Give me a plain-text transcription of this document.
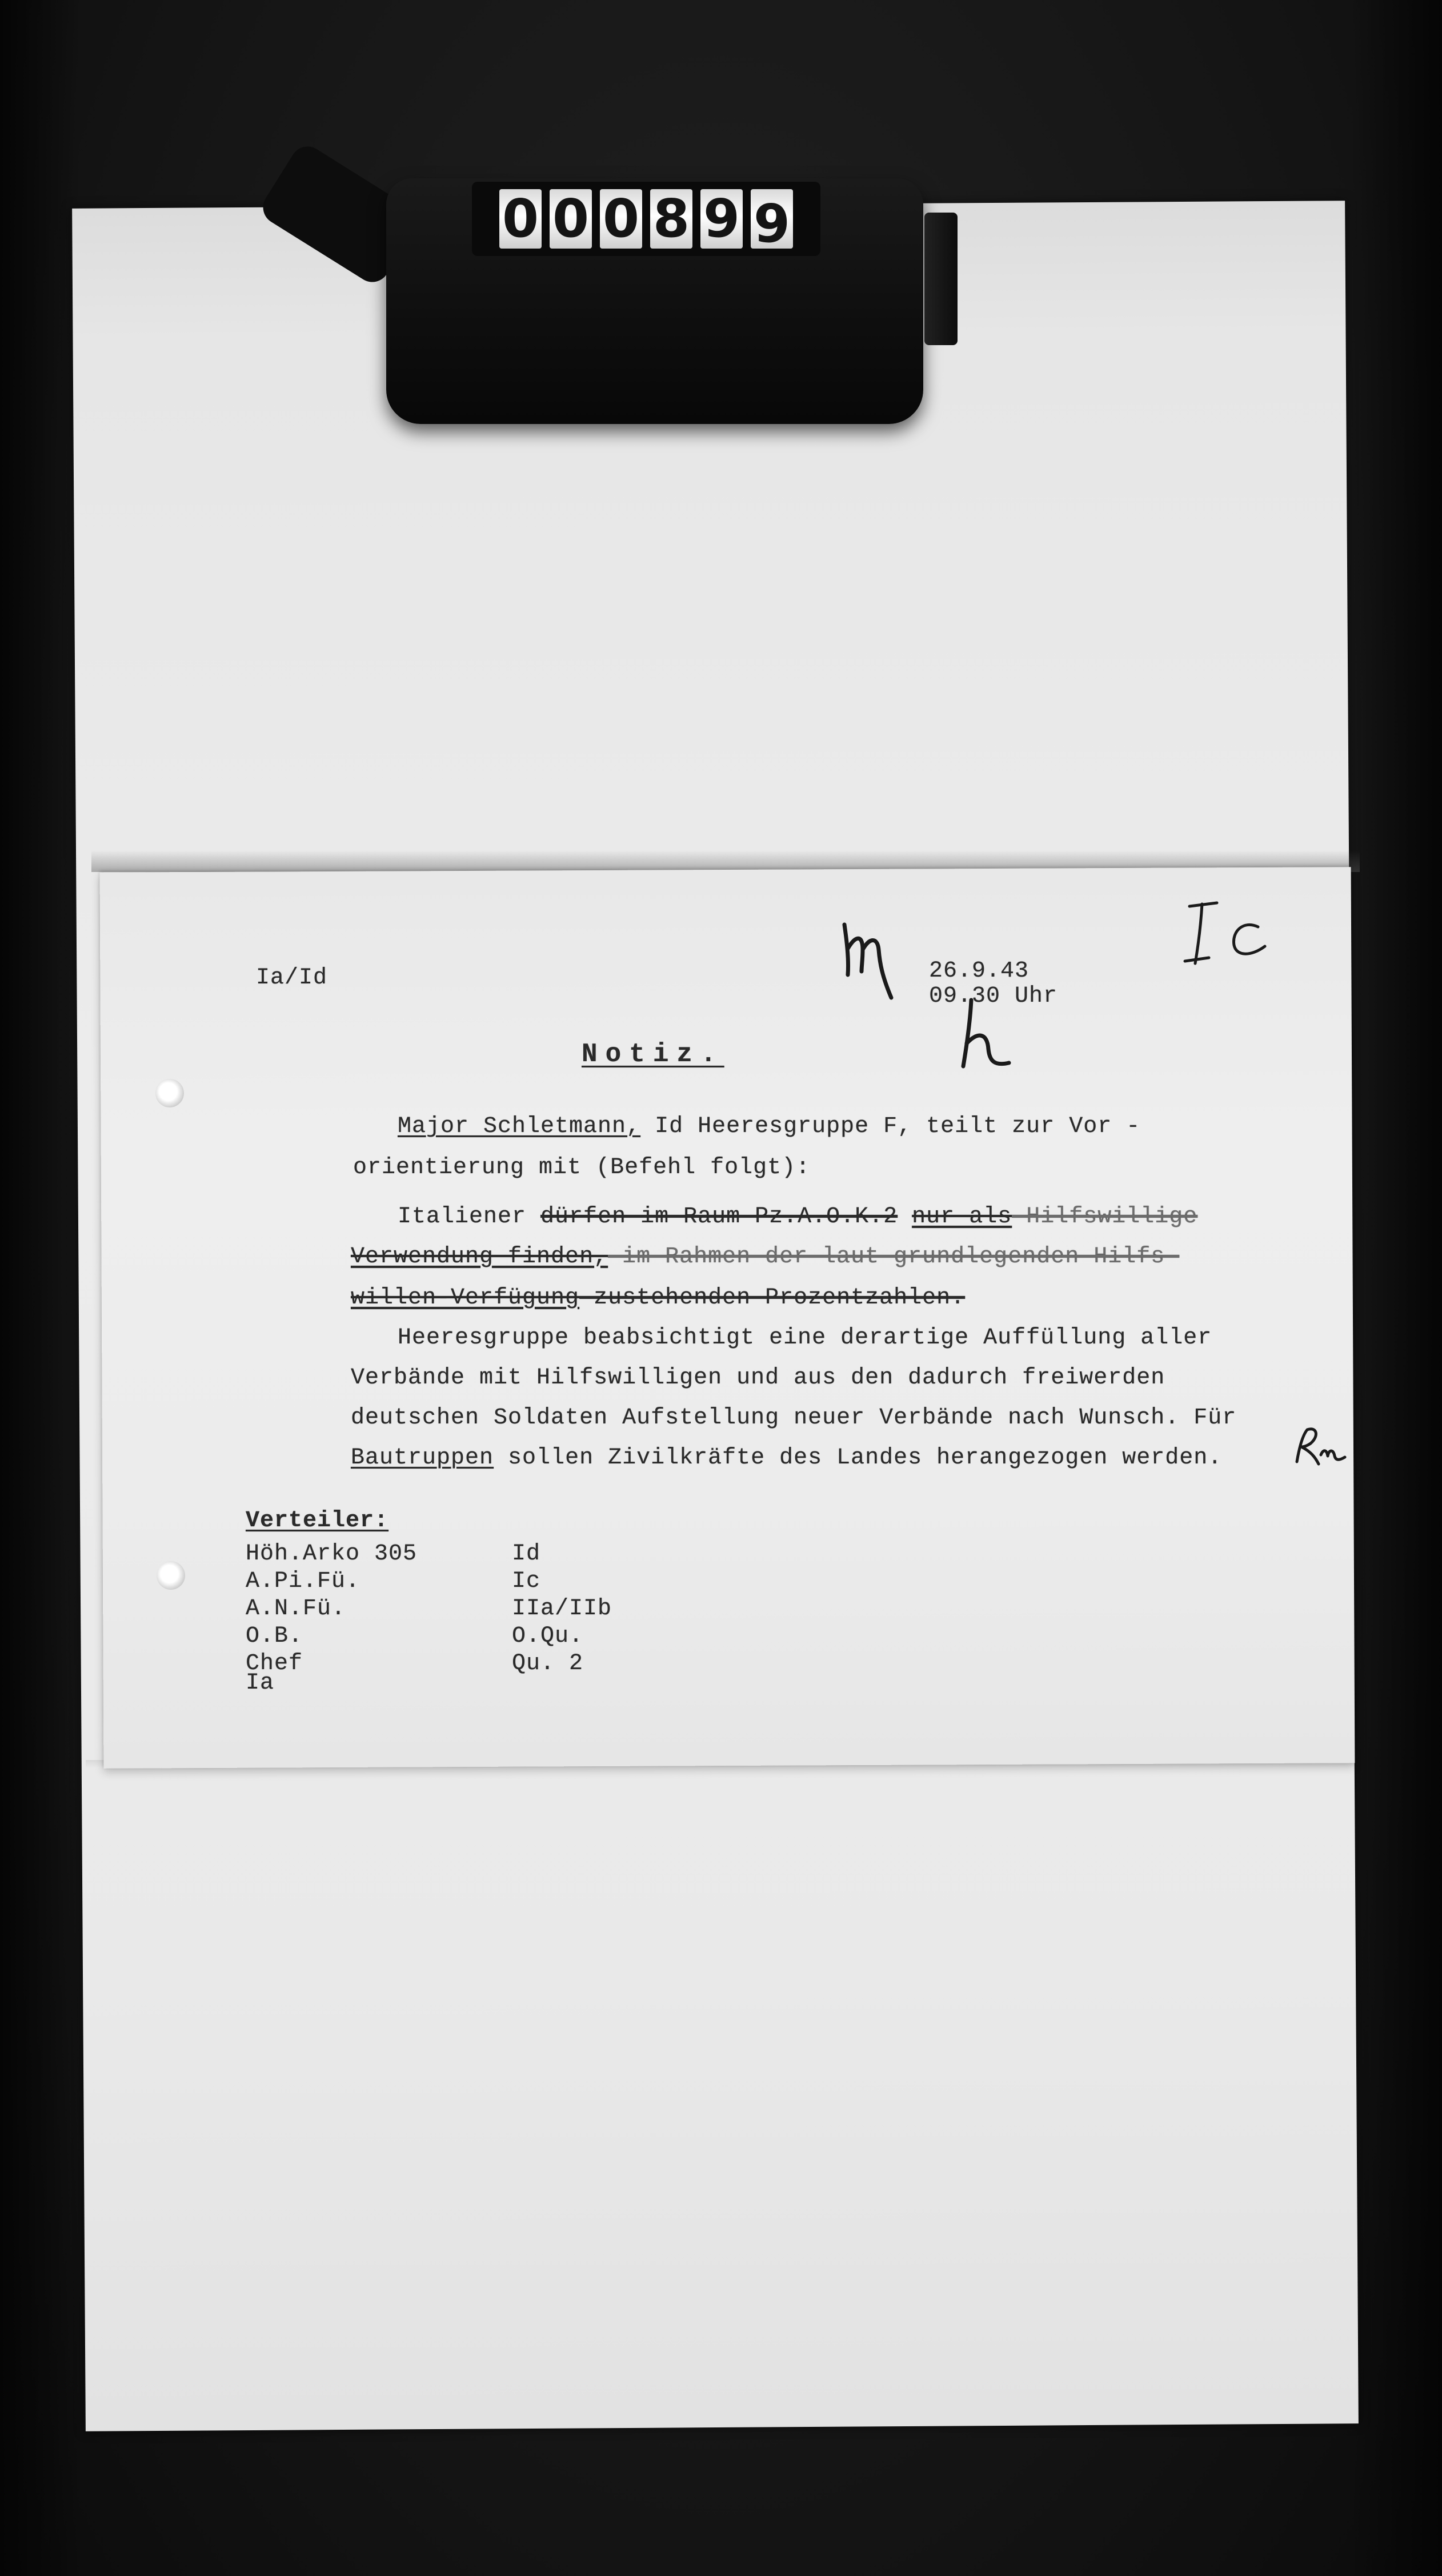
0 0 0 8 9 9
Ia/Id	26.9.43
09.30 Uhr
Notiz.
Major Schletmann, Id Heeresgruppe F, teilt zur Vor -
orientierung mit (Befehl folgt):
Italiener dürfen im Raum Pz.A.O.K.2 nur als Hilfswillige
Verwendung finden, im Rahmen der laut grundlegenden Hilfs-
willen-Verfügung zustehenden Prozentzahlen.
Heeresgruppe beabsichtigt eine derartige Auffüllung aller
Verbände mit Hilfswilligen und aus den dadurch freiwerden
deutschen Soldaten Aufstellung neuer Verbände nach Wunsch. Für
Bautruppen sollen Zivilkräfte des Landes herangezogen werden.
Verteiler:
Höh.Arko 305
A.Pi.Fü.
A.N.Fü.
O.B.
Chef
Ia
Id
Ic
IIa/IIb
O.Qu.
Qu. 2
